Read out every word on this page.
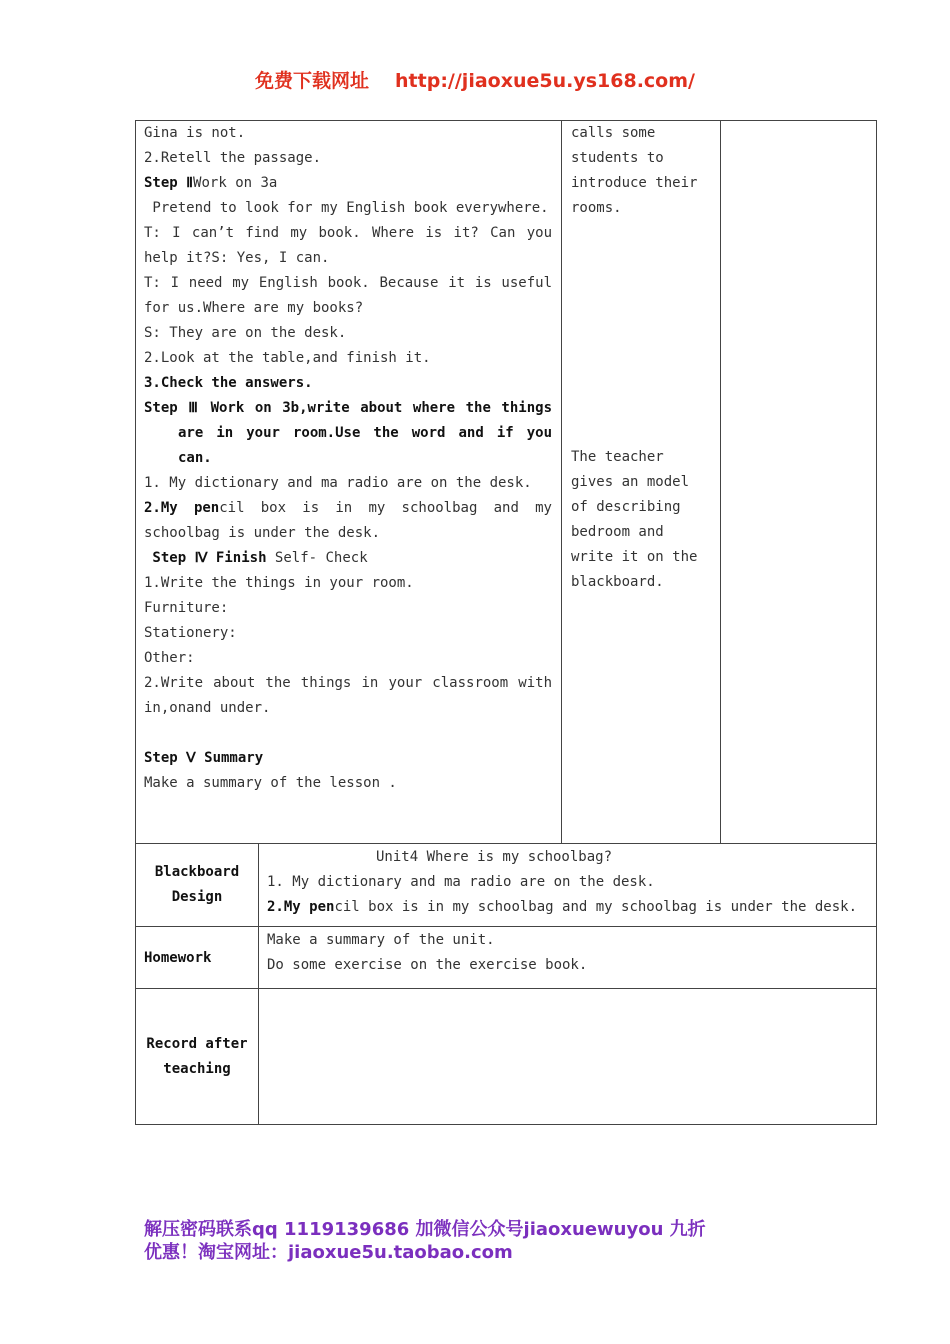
免费下载网址 http://jiaoxue5u.ys168.com/
Gina is not.
2.Retell the passage.
Step ⅡWork on 3a
Pretend to look for my English book everywhere.
T: I can’t find my book. Where is it? Can you
help it?S: Yes, I can.
T: I need my English book. Because it is useful
for us.Where are my books?
S: They are on the desk.
2.Look at the table,and finish it.
3.Check the answers.
Step Ⅲ Work on 3b,write about where the things
are in your room.Use the word and if you
can.
1. My dictionary and ma radio are on the desk.
2.My pencil box is in my schoolbag and my
schoolbag is under the desk.
Step Ⅳ Finish Self- Check
1.Write the things in your room.
Furniture:
Stationery:
Other:
2.Write about the things in your classroom with
in,onand under.

Step Ⅴ Summary
Make a summary of the lesson .
calls some
students to
introduce their
rooms.
The teacher
gives an model
of describing
bedroom and
write it on the
blackboard.
Blackboard
Design
Unit4 Where is my schoolbag?
1. My dictionary and ma radio are on the desk.
2.My pencil box is in my schoolbag and my schoolbag is under the desk.
Homework
Make a summary of the unit.
Do some exercise on the exercise book.
Record after
teaching
解压密码联系qq 1119139686 加微信公众号jiaoxuewuyou 九折
优惠！淘宝网址：jiaoxue5u.taobao.com
